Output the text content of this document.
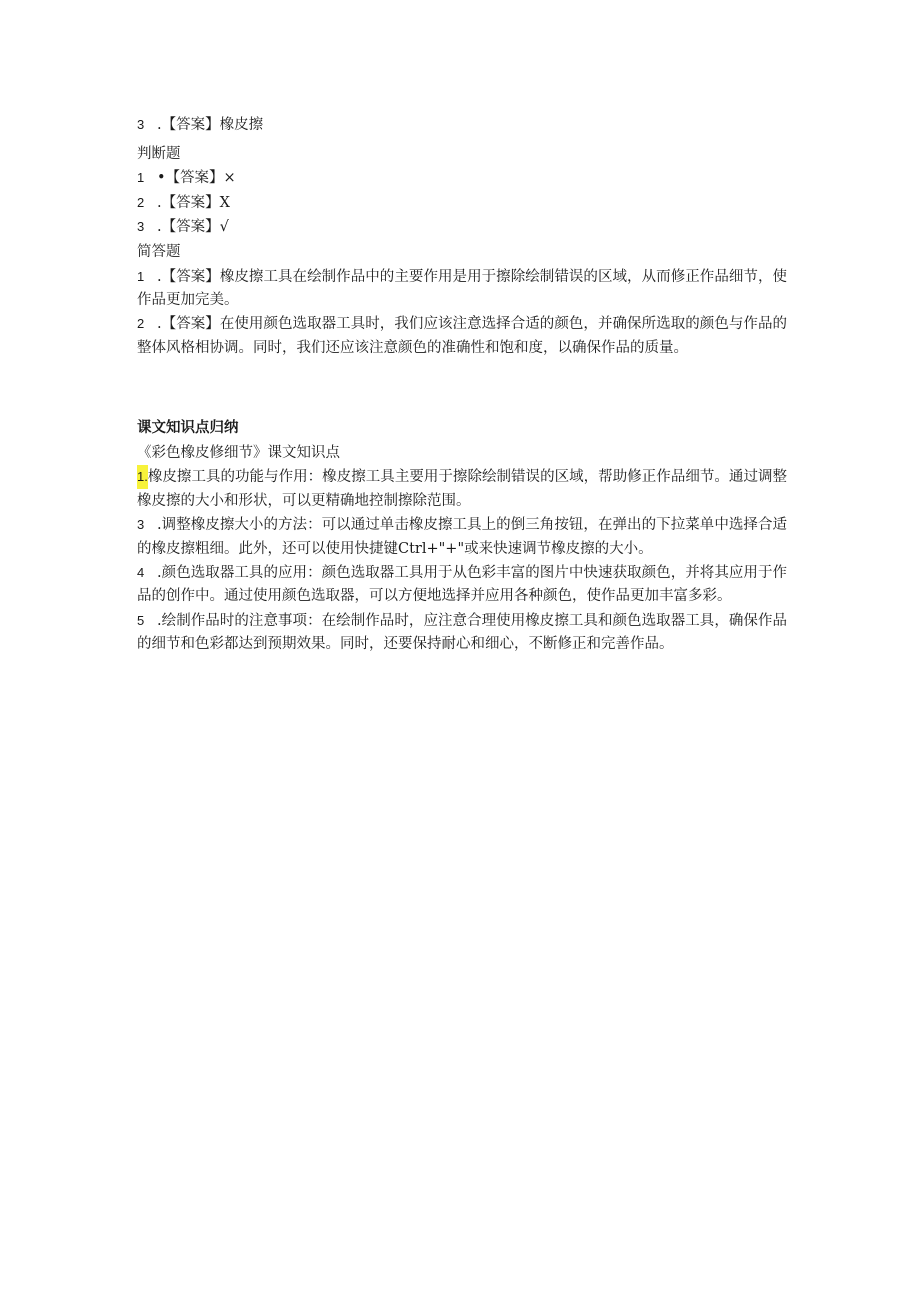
3 .【答案】橡皮擦
判断题
1 •【答案】×
2 .【答案】X
3 .【答案】√
简答题

1 .【答案】橡皮擦工具在绘制作品中的主要作用是用于擦除绘制错误的区域，从而修正作品细节，使作品更加完美。

2 .【答案】在使用颜色选取器工具时，我们应该注意选择合适的颜色，并确保所选取的颜色与作品的整体风格相协调。同时，我们还应该注意颜色的准确性和饱和度，以确保作品的质量。

课文知识点归纳
《彩色橡皮修细节》课文知识点

1.橡皮擦工具的功能与作用：橡皮擦工具主要用于擦除绘制错误的区域，帮助修正作品细节。通过调整橡皮擦的大小和形状，可以更精确地控制擦除范围。

3 .调整橡皮擦大小的方法：可以通过单击橡皮擦工具上的倒三角按钮，在弹出的下拉菜单中选择合适的橡皮擦粗细。此外，还可以使用快捷键Ctrl+"+"或来快速调节橡皮擦的大小。

4 .颜色选取器工具的应用：颜色选取器工具用于从色彩丰富的图片中快速获取颜色，并将其应用于作品的创作中。通过使用颜色选取器，可以方便地选择并应用各种颜色，使作品更加丰富多彩。

5 .绘制作品时的注意事项：在绘制作品时，应注意合理使用橡皮擦工具和颜色选取器工具，确保作品的细节和色彩都达到预期效果。同时，还要保持耐心和细心，不断修正和完善作品。
